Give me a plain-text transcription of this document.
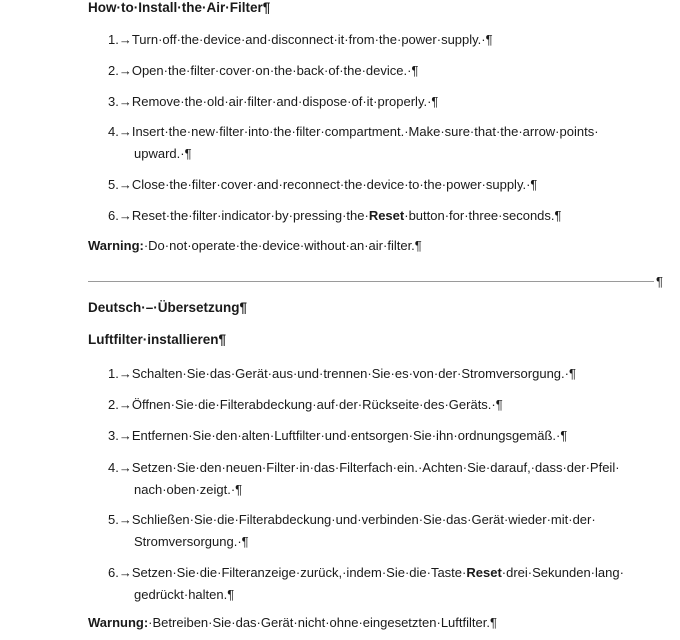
How·to·Install·the·Air·Filter¶
1.→Turn·off·the·device·and·disconnect·it·from·the·power·supply.·¶
2.→Open·the·filter·cover·on·the·back·of·the·device.·¶
3.→Remove·the·old·air·filter·and·dispose·of·it·properly.·¶
4.→Insert·the·new·filter·into·the·filter·compartment.·Make·sure·that·the·arrow·points·
upward.·¶
5.→Close·the·filter·cover·and·reconnect·the·device·to·the·power·supply.·¶
6.→Reset·the·filter·indicator·by·pressing·the·Reset·button·for·three·seconds.¶
Warning:·Do·not·operate·the·device·without·an·air·filter.¶
¶
Deutsch·–·Übersetzung¶
Luftfilter·installieren¶
1.→Schalten·Sie·das·Gerät·aus·und·trennen·Sie·es·von·der·Stromversorgung.·¶
2.→Öffnen·Sie·die·Filterabdeckung·auf·der·Rückseite·des·Geräts.·¶
3.→Entfernen·Sie·den·alten·Luftfilter·und·entsorgen·Sie·ihn·ordnungsgemäß.·¶
4.→Setzen·Sie·den·neuen·Filter·in·das·Filterfach·ein.·Achten·Sie·darauf,·dass·der·Pfeil·
nach·oben·zeigt.·¶
5.→Schließen·Sie·die·Filterabdeckung·und·verbinden·Sie·das·Gerät·wieder·mit·der·
Stromversorgung.·¶
6.→Setzen·Sie·die·Filteranzeige·zurück,·indem·Sie·die·Taste·Reset·drei·Sekunden·lang·
gedrückt·halten.¶
Warnung:·Betreiben·Sie·das·Gerät·nicht·ohne·eingesetzten·Luftfilter.¶
